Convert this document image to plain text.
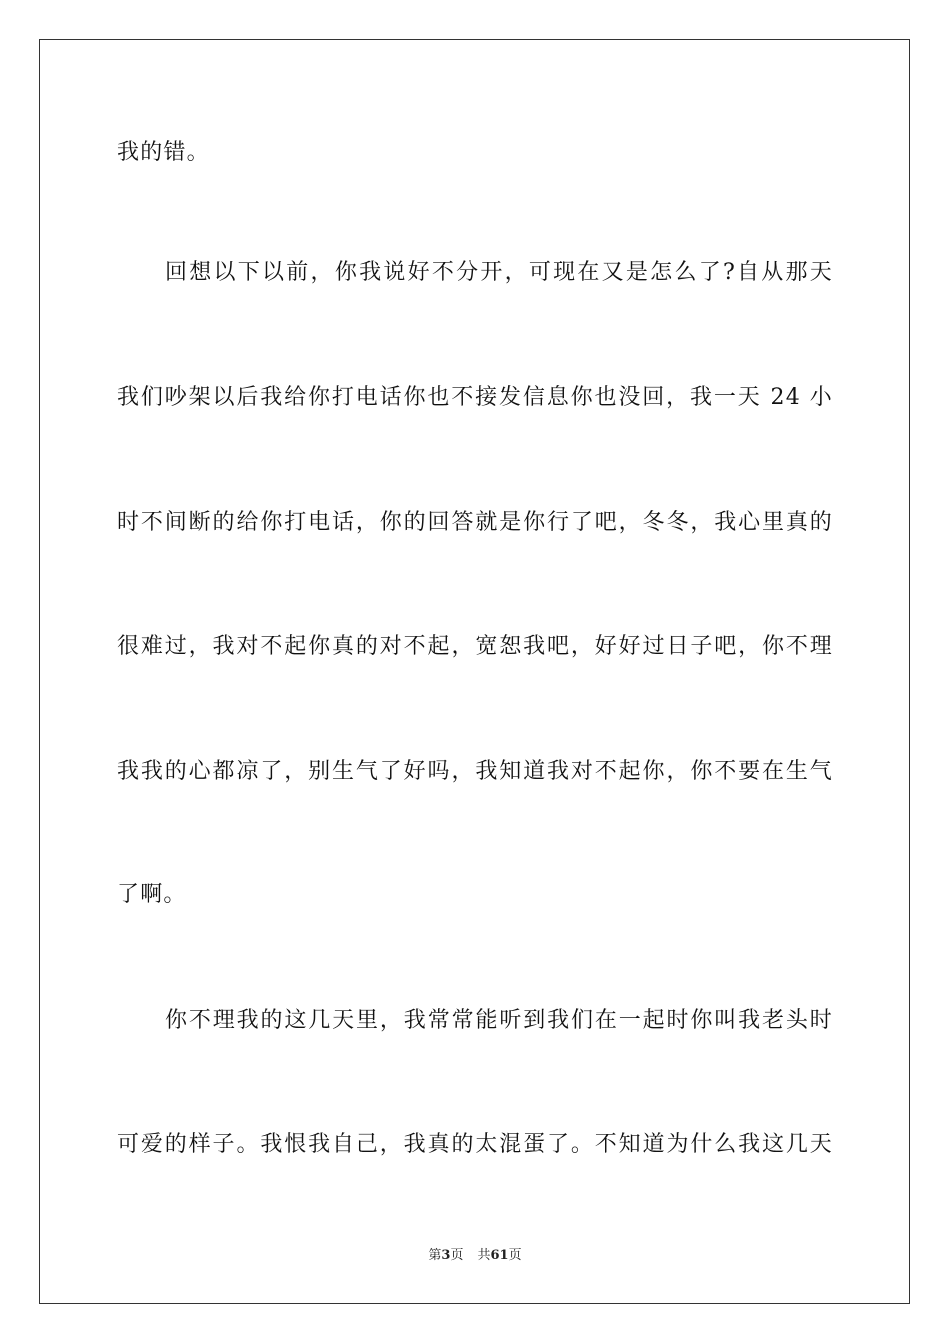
我的错。
回想以下以前，你我说好不分开，可现在又是怎么了?自从那天
我们吵架以后我给你打电话你也不接发信息你也没回，我一天 24 小
时不间断的给你打电话，你的回答就是你行了吧，冬冬，我心里真的
很难过，我对不起你真的对不起，宽恕我吧，好好过日子吧，你不理
我我的心都凉了，别生气了好吗，我知道我对不起你，你不要在生气
了啊。
你不理我的这几天里，我常常能听到我们在一起时你叫我老头时
可爱的样子。我恨我自己，我真的太混蛋了。不知道为什么我这几天
第3页 共61页
